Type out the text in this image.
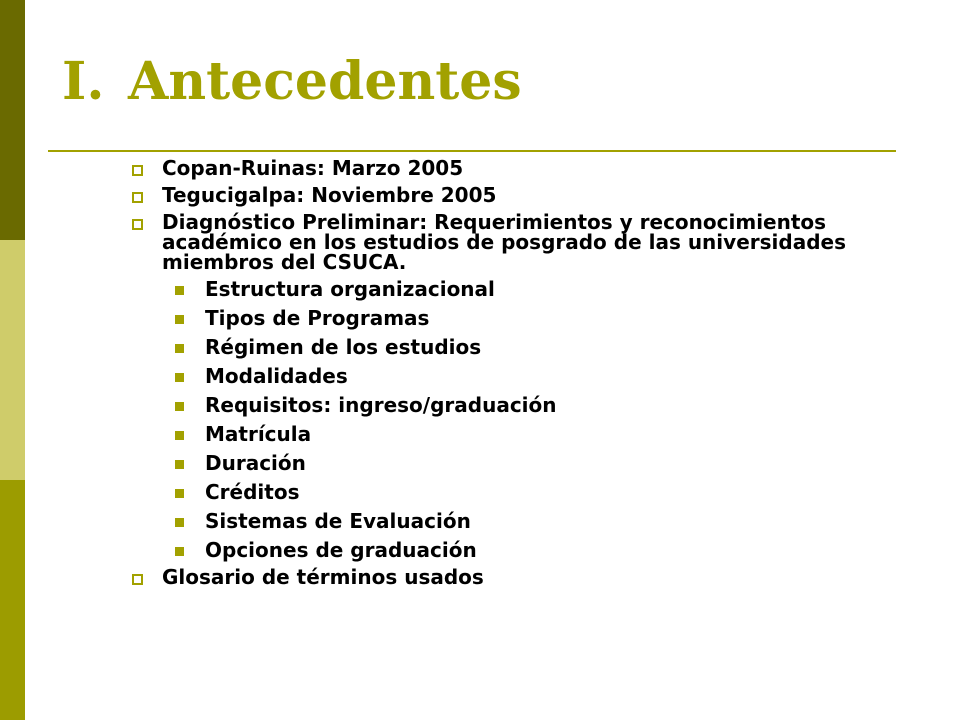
I. Antecedentes
Copan-Ruinas: Marzo 2005
Tegucigalpa: Noviembre 2005
Diagnóstico Preliminar: Requerimientos y reconocimientos académico en los estudios de posgrado de las universidades miembros del CSUCA.
Estructura organizacional
Tipos de Programas
Régimen de los estudios
Modalidades
Requisitos: ingreso/graduación
Matrícula
Duración
Créditos
Sistemas de Evaluación
Opciones de graduación
Glosario de términos usados
